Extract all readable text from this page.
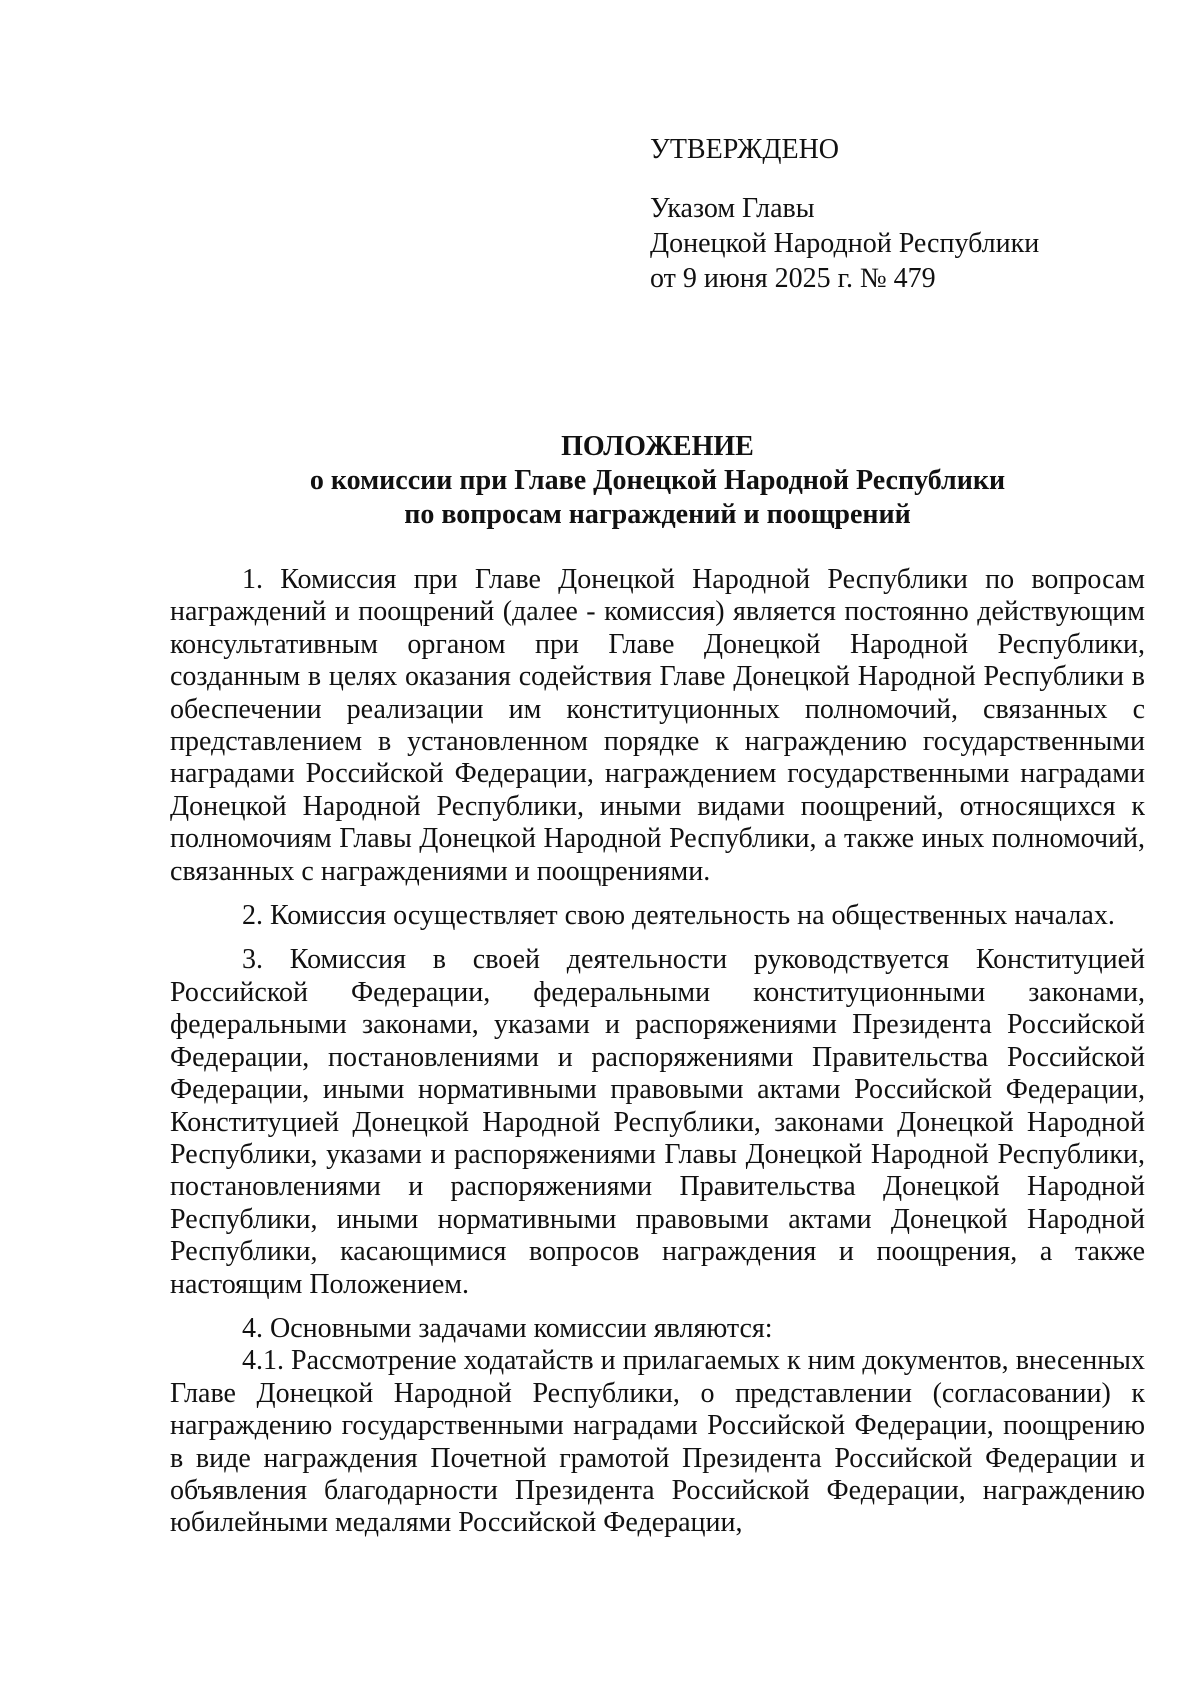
УТВЕРЖДЕНО
Указом Главы
Донецкой Народной Республики
от 9 июня 2025 г. № 479
ПОЛОЖЕНИЕ
о комиссии при Главе Донецкой Народной Республики
по вопросам награждений и поощрений

1. Комиссия при Главе Донецкой Народной Республики по вопросам награждений и поощрений (далее - комиссия) является постоянно действующим консультативным органом при Главе Донецкой Народной Республики, созданным в целях оказания содействия Главе Донецкой Народной Республики в обеспечении реализации им конституционных полномочий, связанных с представлением в установленном порядке к награждению государственными наградами Российской Федерации, награждением государственными наградами Донецкой Народной Республики, иными видами поощрений, относящихся к полномочиям Главы Донецкой Народной Республики, а также иных полномочий, связанных с награждениями и поощрениями.

2. Комиссия осуществляет свою деятельность на общественных началах.

3. Комиссия в своей деятельности руководствуется Конституцией Российской Федерации, федеральными конституционными законами, федеральными законами, указами и распоряжениями Президента Российской Федерации, постановлениями и распоряжениями Правительства Российской Федерации, иными нормативными правовыми актами Российской Федерации, Конституцией Донецкой Народной Республики, законами Донецкой Народной Республики, указами и распоряжениями Главы Донецкой Народной Республики, постановлениями и распоряжениями Правительства Донецкой Народной Республики, иными нормативными правовыми актами Донецкой Народной Республики, касающимися вопросов награждения и поощрения, а также настоящим Положением.

4. Основными задачами комиссии являются:

4.1. Рассмотрение ходатайств и прилагаемых к ним документов, внесенных Главе Донецкой Народной Республики, о представлении (согласовании) к награждению государственными наградами Российской Федерации, поощрению в виде награждения Почетной грамотой Президента Российской Федерации и объявления благодарности Президента Российской Федерации, награждению юбилейными медалями Российской Федерации,
